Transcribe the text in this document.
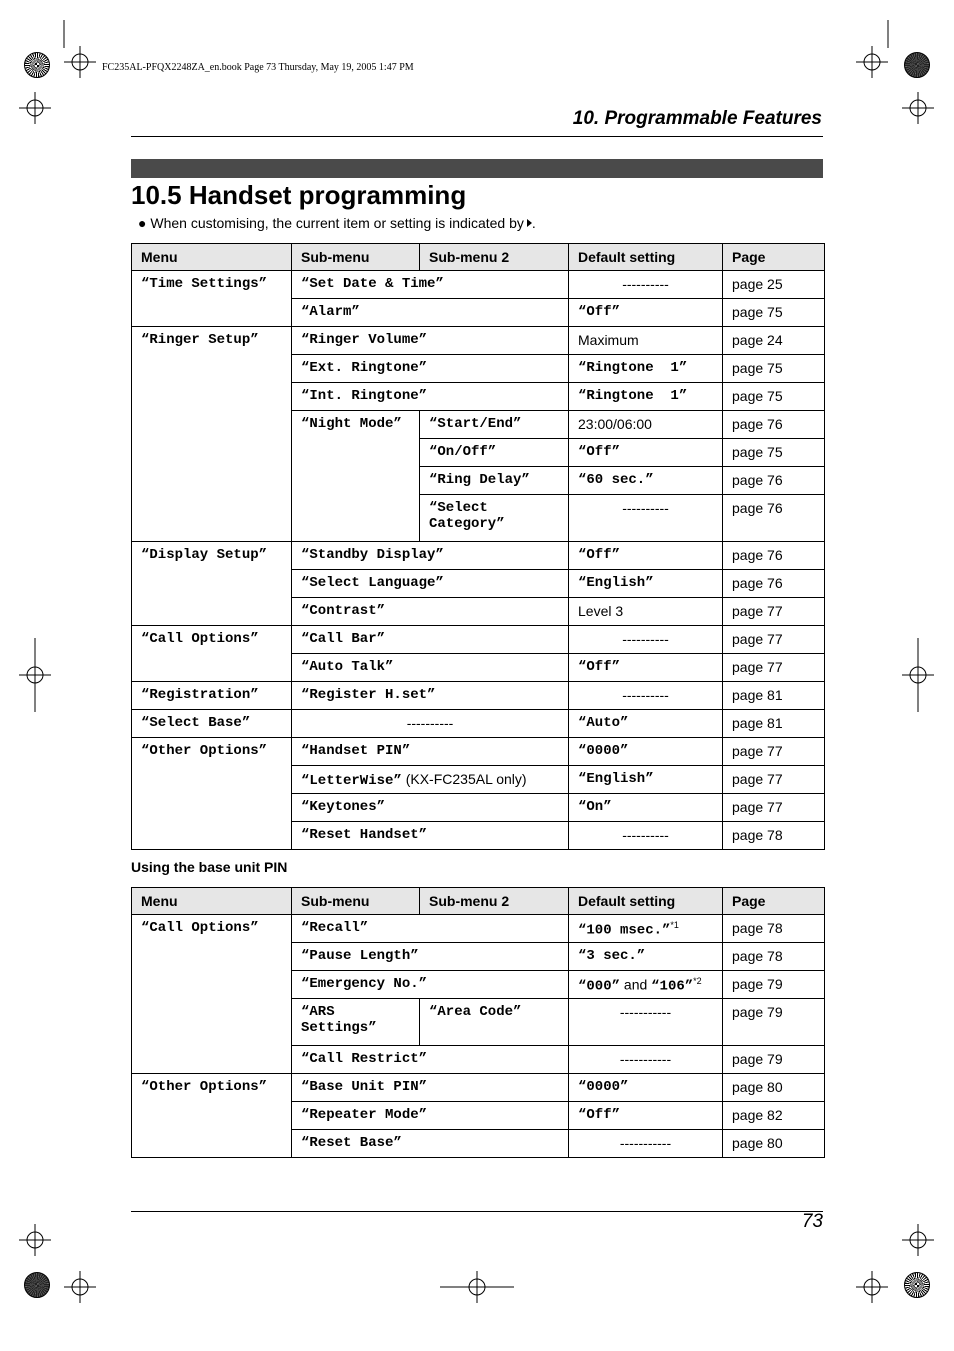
FC235AL-PFQX2248ZA_en.book Page 73 Thursday, May 19, 2005 1:47 PM
10. Programmable Features
10.5 Handset programming
● When customising, the current item or setting is indicated by .
Menu	Sub-menu	Sub-menu 2	Default setting	Page
“Time Settings”	“Set Date & Time”		----------	page 25
	“Alarm”		“Off”	page 75
“Ringer Setup”	“Ringer Volume”		Maximum	page 24
	“Ext. Ringtone”		“Ringtone  1”	page 75
	“Int. Ringtone”		“Ringtone  1”	page 75
	“Night Mode”	“Start/End”	23:00/06:00	page 76
		“On/Off”	“Off”	page 75
		“Ring Delay”	“60 sec.”	page 76
		“Select Category”	----------	page 76
“Display Setup”	“Standby Display”		“Off”	page 76
	“Select Language”		“English”	page 76
	“Contrast”		Level 3	page 77
“Call Options”	“Call Bar”		----------	page 77
	“Auto Talk”		“Off”	page 77
“Registration”	“Register H.set”		----------	page 81
“Select Base”	----------		“Auto”	page 81
“Other Options”	“Handset PIN”		“0000”	page 77
	“LetterWise” (KX-FC235AL only)		“English”	page 77
	“Keytones”		“On”	page 77
	“Reset Handset”		----------	page 78
Using the base unit PIN
Menu	Sub-menu	Sub-menu 2	Default setting	Page
“Call Options”	“Recall”		“100 msec.”$^{*1}$	page 78
	“Pause Length”		“3 sec.”	page 78
	“Emergency No.”		“000” and “106”$^{*2}$	page 79
	“ARS Settings”	“Area Code”	-----------	page 79
	“Call Restrict”		-----------	page 79
“Other Options”	“Base Unit PIN”		“0000”	page 80
	“Repeater Mode”		“Off”	page 82
	“Reset Base”		-----------	page 80
73
